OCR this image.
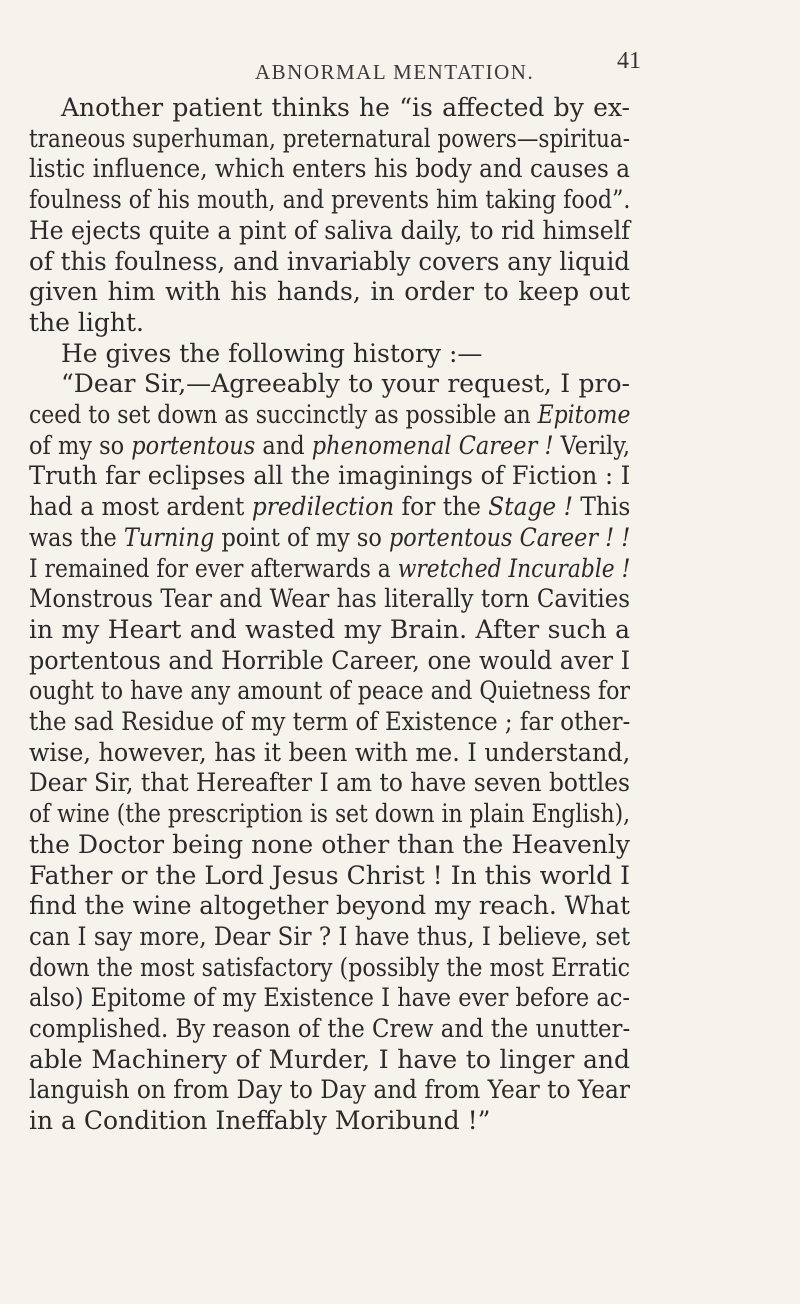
ABNORMAL MENTATION.	41
Another patient thinks he “is affected by ex-
traneous superhuman, preternatural powers—spiritua-
listic influence, which enters his body and causes a
foulness of his mouth, and prevents him taking food”.
He ejects quite a pint of saliva daily, to rid himself
of this foulness, and invariably covers any liquid
given him with his hands, in order to keep out
the light.
He gives the following history :—
“Dear Sir,—Agreeably to your request, I pro-
ceed to set down as succinctly as possible an Epitome
of my so portentous and phenomenal Career ! Verily,
Truth far eclipses all the imaginings of Fiction : I
had a most ardent predilection for the Stage ! This
was the Turning point of my so portentous Career ! !
I remained for ever afterwards a wretched Incurable !
Monstrous Tear and Wear has literally torn Cavities
in my Heart and wasted my Brain. After such a
portentous and Horrible Career, one would aver I
ought to have any amount of peace and Quietness for
the sad Residue of my term of Existence ; far other-
wise, however, has it been with me. I understand,
Dear Sir, that Hereafter I am to have seven bottles
of wine (the prescription is set down in plain English),
the Doctor being none other than the Heavenly
Father or the Lord Jesus Christ ! In this world I
find the wine altogether beyond my reach. What
can I say more, Dear Sir ? I have thus, I believe, set
down the most satisfactory (possibly the most Erratic
also) Epitome of my Existence I have ever before ac-
complished. By reason of the Crew and the unutter-
able Machinery of Murder, I have to linger and
languish on from Day to Day and from Year to Year
in a Condition Ineffably Moribund !”
